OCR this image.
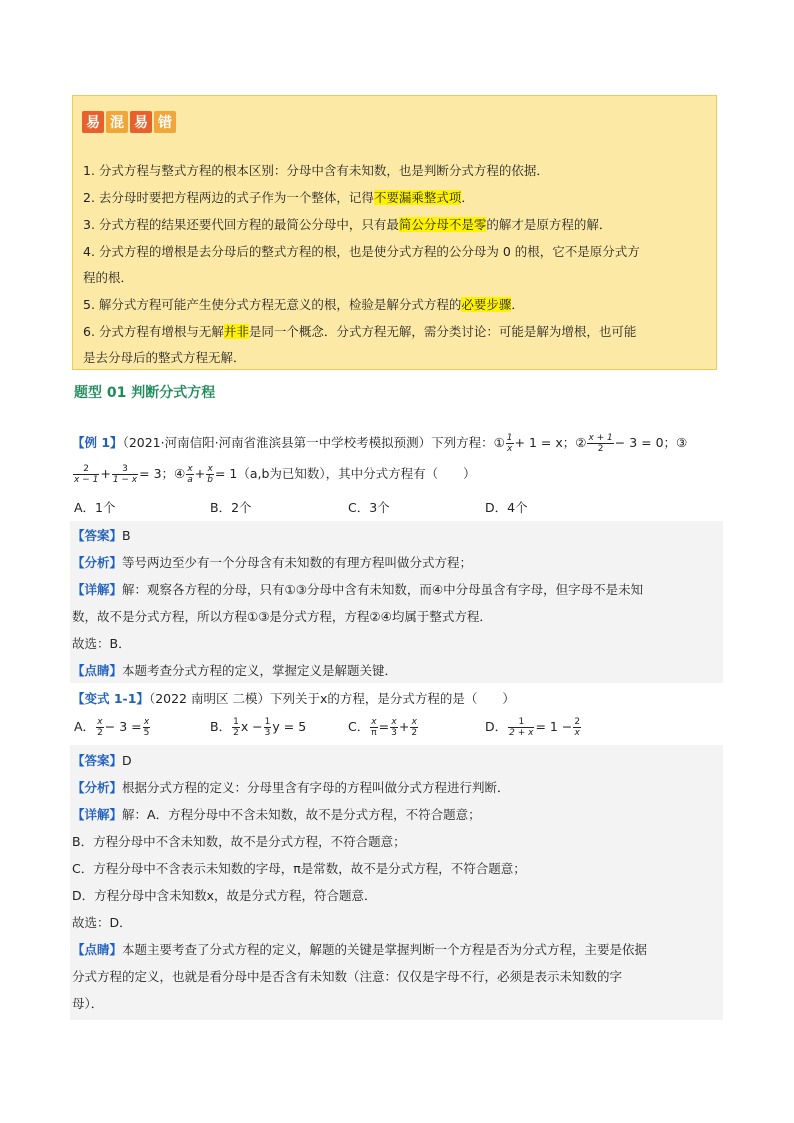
易 混 易 错
1. 分式方程与整式方程的根本区别：分母中含有未知数，也是判断分式方程的依据．
2. 去分母时要把方程两边的式子作为一个整体，记得不要漏乘整式项．
3. 分式方程的结果还要代回方程的最简公分母中，只有最简公分母不是零的解才是原方程的解．
4. 分式方程的增根是去分母后的整式方程的根，也是使分式方程的公分母为 0 的根，它不是原分式方
程的根．
5. 解分式方程可能产生使分式方程无意义的根，检验是解分式方程的必要步骤．
6. 分式方程有增根与无解并非是同一个概念．分式方程无解，需分类讨论：可能是解为增根，也可能
是去分母后的整式方程无解．
题型 01 判断分式方程
【例 1】（2021·河南信阳·河南省淮滨县第一中学校考模拟预测）下列方程：① $\frac{1}{x} + 1 = x$；② $\frac{x + 1}{2} - 3 = 0$；③
$\frac{2}{x - 1} + \frac{3}{1 - x} = 3$；④ $\frac{x}{a} + \frac{x}{b} = 1(a,b$为已知数），其中分式方程有（　　）
A．1个	B．2个	C．3个	D．4个
【答案】B
【分析】等号两边至少有一个分母含有未知数的有理方程叫做分式方程；
【详解】解：观察各方程的分母，只有①③分母中含有未知数，而④中分母虽含有字母，但字母不是未知
数，故不是分式方程，所以方程①③是分式方程，方程②④均属于整式方程．
故选：B．
【点睛】本题考查分式方程的定义，掌握定义是解题关键．
【变式 1-1】（2022 南明区 二模）下列关于x的方程，是分式方程的是（　　）
A． $\frac{x}{2} - 3 = \frac{x}{5}$	B． $\frac{1}{2}$ $x - \frac{1}{3}$ y = 5	C． $\frac{x}{\pi} = \frac{x}{3} + \frac{x}{2}$	D． $\frac{1}{2 + x} = 1 - \frac{2}{x}$
【答案】D
【分析】根据分式方程的定义：分母里含有字母的方程叫做分式方程进行判断．
【详解】解：A．方程分母中不含未知数，故不是分式方程，不符合题意；
B．方程分母中不含未知数，故不是分式方程，不符合题意；
C．方程分母中不含表示未知数的字母，π是常数，故不是分式方程，不符合题意；
D．方程分母中含未知数x，故是分式方程，符合题意．
故选：D．
【点睛】本题主要考查了分式方程的定义，解题的关键是掌握判断一个方程是否为分式方程，主要是依据
分式方程的定义，也就是看分母中是否含有未知数（注意：仅仅是字母不行，必须是表示未知数的字
母）．
